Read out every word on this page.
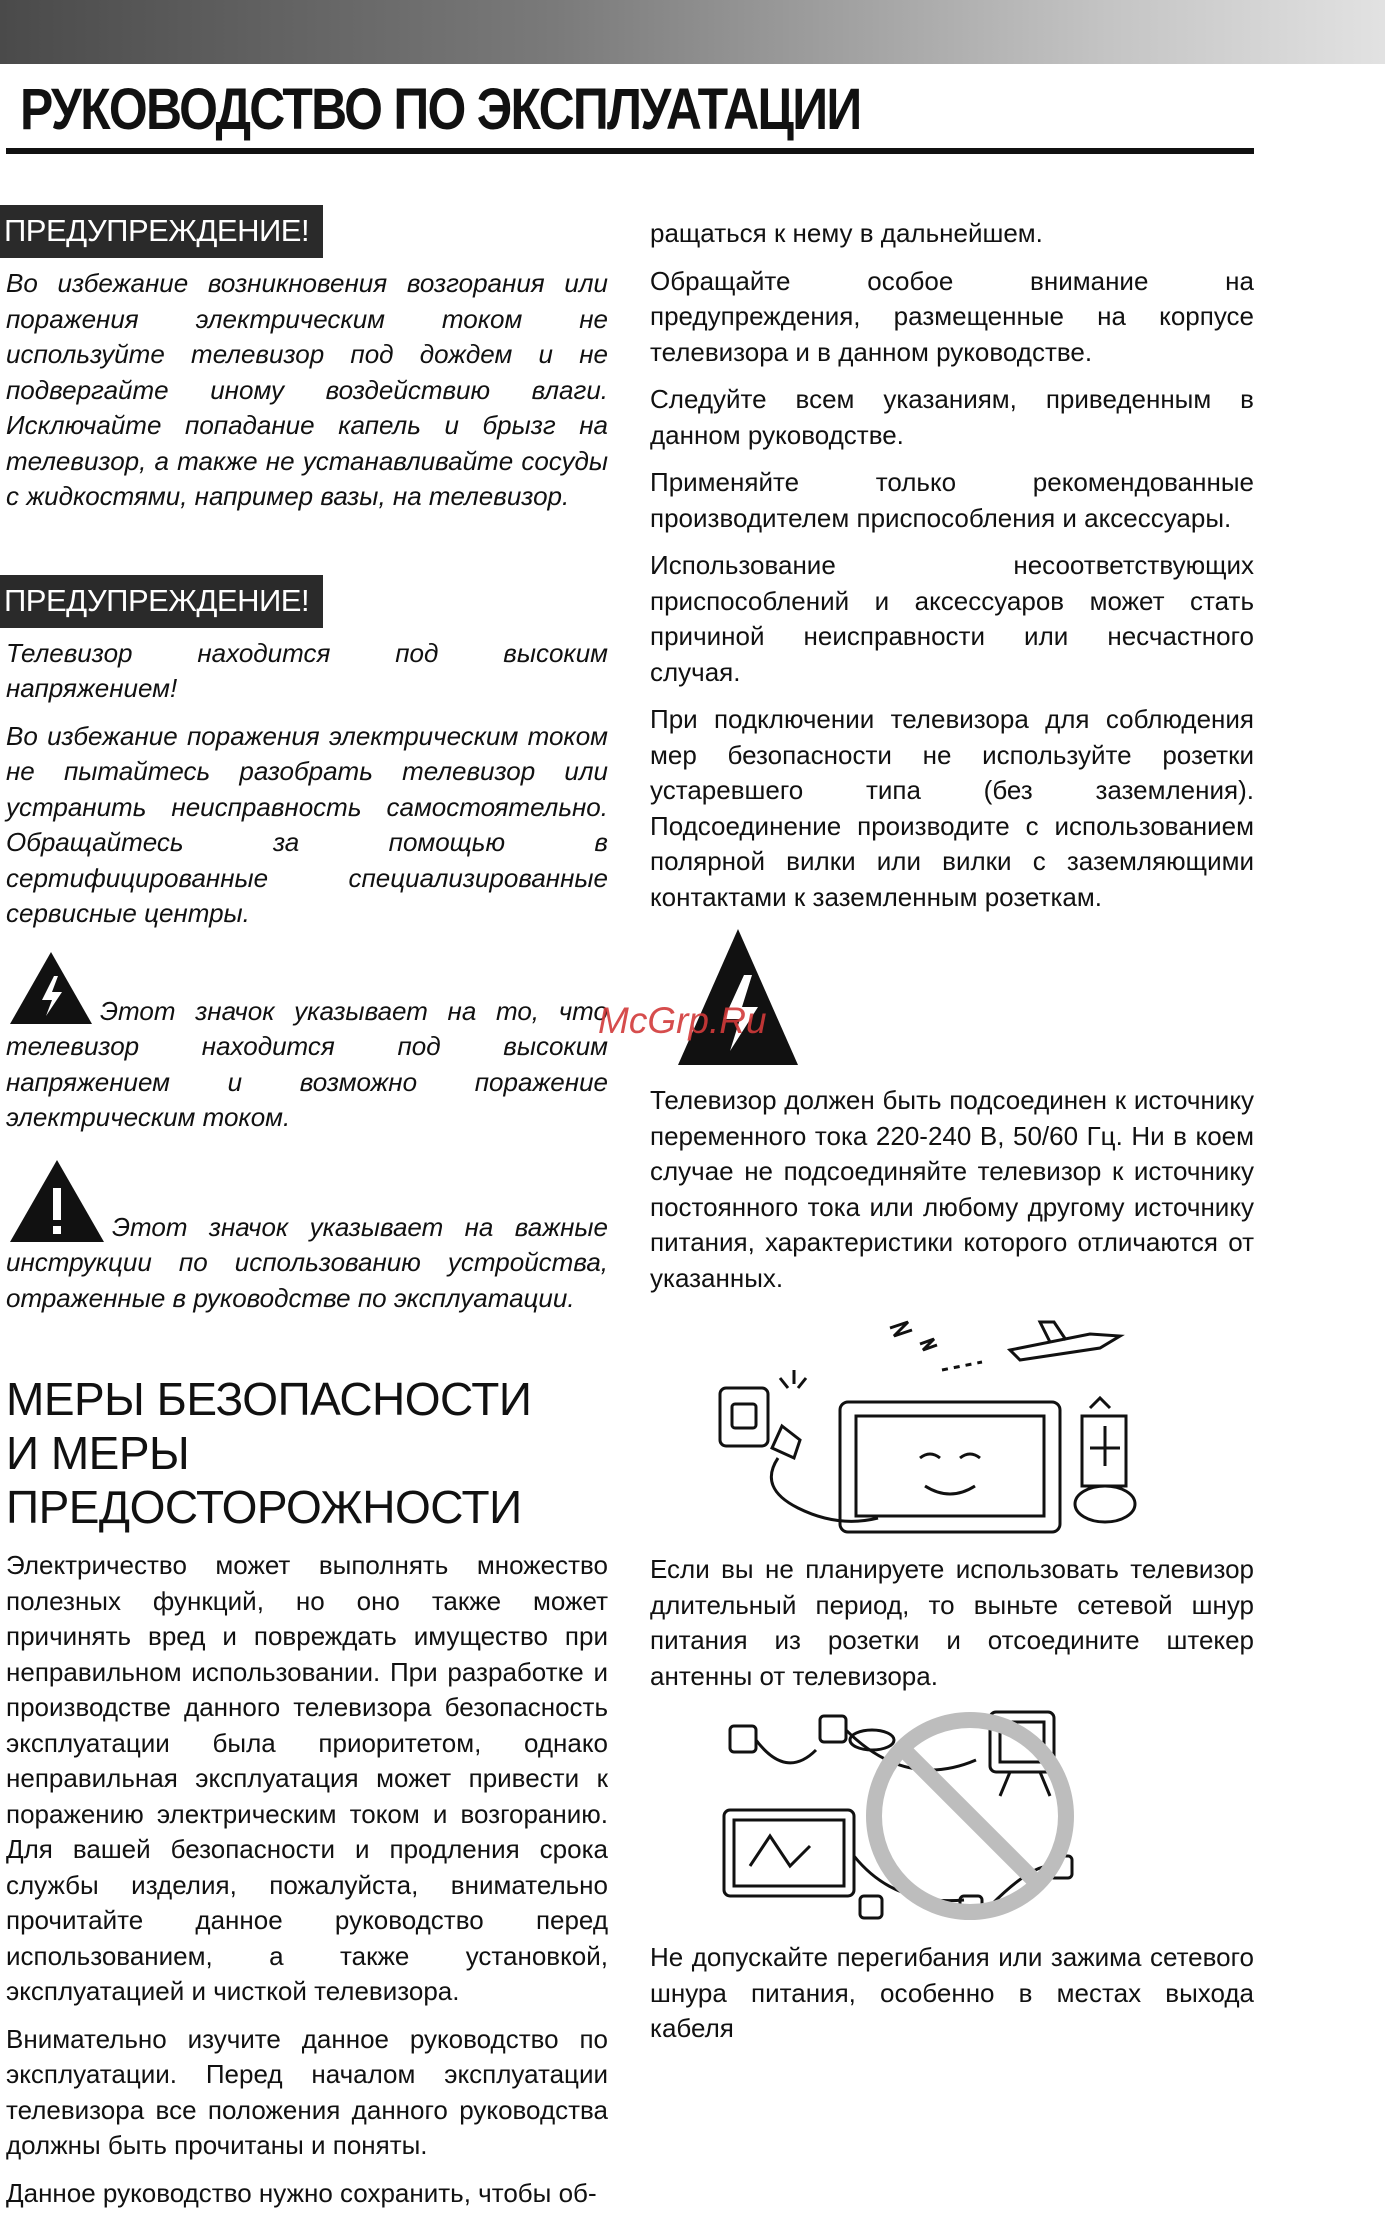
РУКОВОДСТВО ПО ЭКСПЛУАТАЦИИ
ПРЕДУПРЕЖДЕНИЕ!

Во избежание возникновения возгорания или поражения электрическим током не используйте телевизор под дождем и не подвергайте иному воздействию влаги. Исключайте попадание капель и брызг на телевизор, а также не устанавливайте сосуды с жидкостями, например вазы, на телевизор.

ПРЕДУПРЕЖДЕНИЕ!

Телевизор находится под высоким напряжением!

Во избежание поражения электрическим током не пытайтесь разобрать телевизор или устранить неисправность самостоятельно. Обращайтесь за помощью в сертифицированные специализированные сервисные центры.

Этот значок указывает на то, что телевизор находится под высоким напряжением и возможно поражение электрическим током.

Этот значок указывает на важные инструкции по использованию устройства, отраженные в руководстве по эксплуатации.

МЕРЫ БЕЗОПАСНОСТИ
И МЕРЫ ПРЕДОСТОРОЖНОСТИ

Электричество может выполнять множество полезных функций, но оно также может причинять вред и повреждать имущество при неправильном использовании. При разработке и производстве данного телевизора безопасность эксплуатации была приоритетом, однако неправильная эксплуатация может привести к поражению электрическим током и возгоранию. Для вашей безопасности и продления срока службы изделия, пожалуйста, внимательно прочитайте данное руководство перед использованием, а также установкой, эксплуатацией и чисткой телевизора.

Внимательно изучите данное руководство по эксплуатации. Перед началом эксплуатации телевизора все положения данного руководства должны быть прочитаны и поняты.

Данное руководство нужно сохранить, чтобы об-

ращаться к нему в дальнейшем.

Обращайте особое внимание на предупреждения, размещенные на корпусе телевизора и в данном руководстве.

Следуйте всем указаниям, приведенным в данном руководстве.

Применяйте только рекомендованные производителем приспособления и аксессуары.

Использование несоответствующих приспособлений и аксессуаров может стать причиной неисправности или несчастного случая.

При подключении телевизора для соблюдения мер безопасности не используйте розетки устаревшего типа (без заземления). Подсоединение производите с использованием полярной вилки или вилки с заземляющими контактами к заземленным розеткам.

Телевизор должен быть подсоединен к источнику переменного тока 220-240 В, 50/60 Гц. Ни в коем случае не подсоединяйте телевизор к источнику постоянного тока или любому другому источнику питания, характеристики которого отличаются от указанных.

Если вы не планируете использовать телевизор длительный период, то выньте сетевой шнур питания из розетки и отсоедините штекер антенны от телевизора.

Не допускайте перегибания или зажима сетевого шнура питания, особенно в местах выхода кабеля

McGrp.Ru
